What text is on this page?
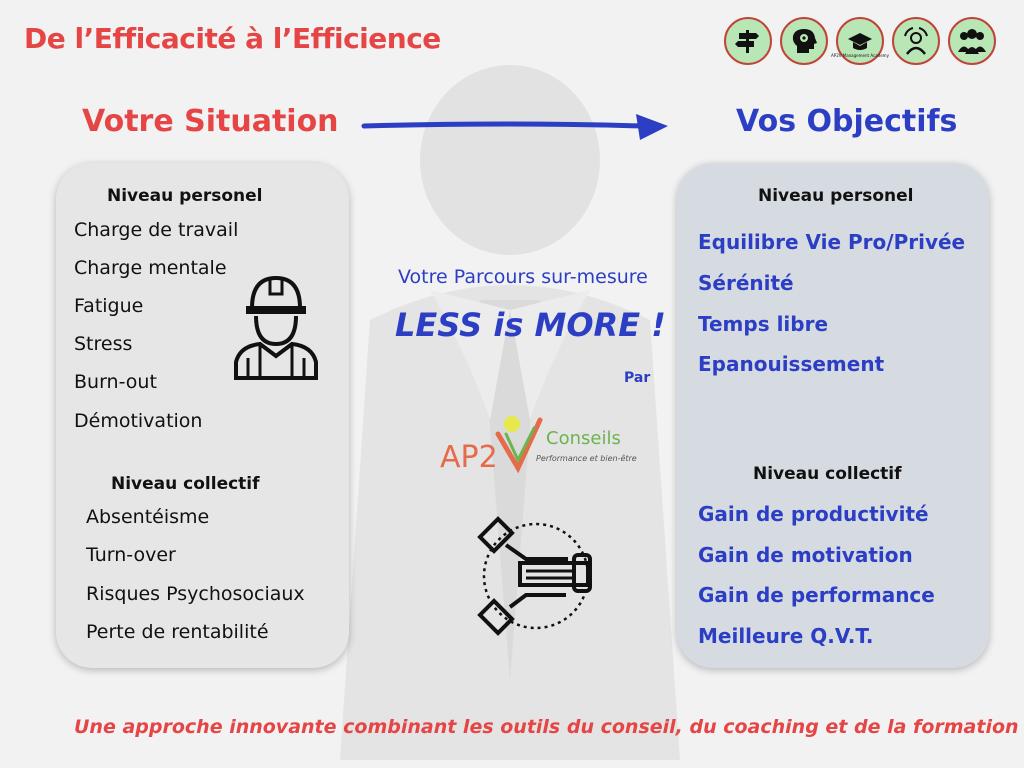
De l’Efficacité à l’Efficience
AP2V Management Academy
Votre Situation	Vos Objectifs
Niveau personel
Charge de travail
Charge mentale
Fatigue
Stress
Burn-out
Démotivation
Niveau collectif
Absentéisme
Turn-over
Risques Psychosociaux
Perte de rentabilité
Votre Parcours sur-mesure
LESS is MORE !
Par
AP2
Conseils
Performance et bien-être
Niveau personel
Equilibre Vie Pro/Privée
Sérénité
Temps libre
Epanouissement
Niveau collectif
Gain de productivité
Gain de motivation
Gain de performance
Meilleure Q.V.T.
Une approche innovante combinant les outils du conseil, du coaching et de la formation
